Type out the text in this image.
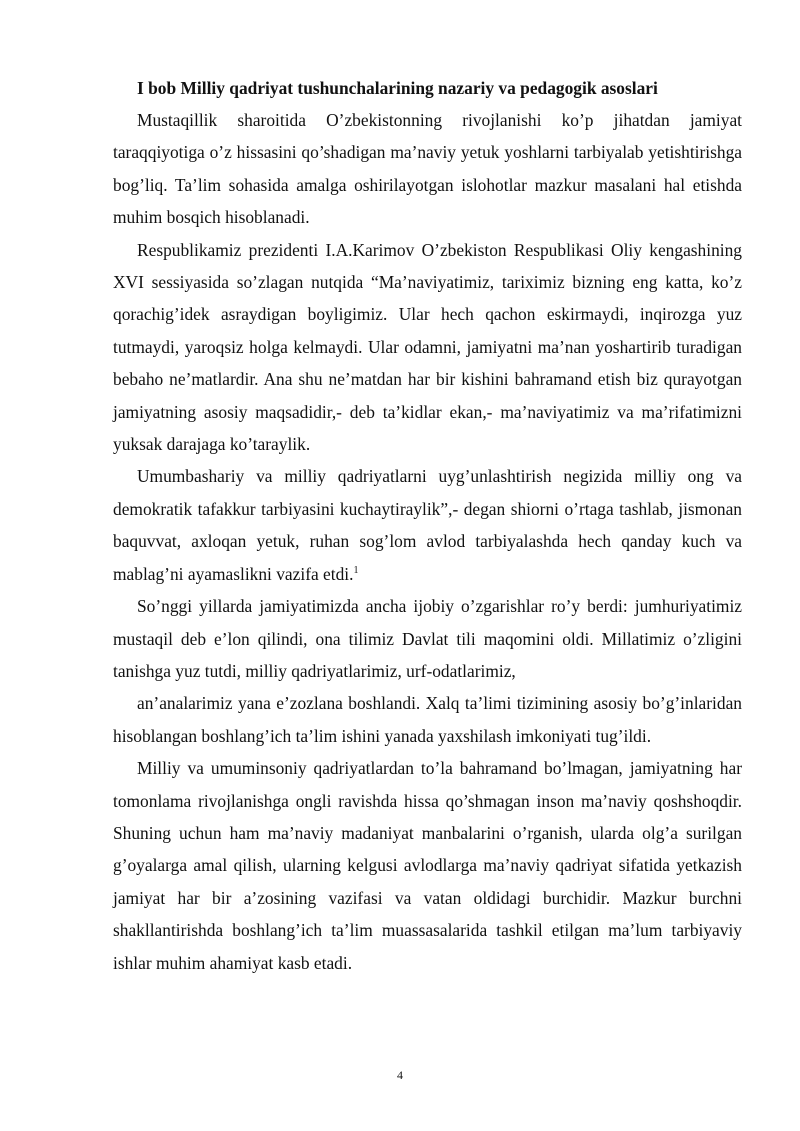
I bob Milliy qadriyat tushunchalarining nazariy va pedagogik asoslari

Mustaqillik sharoitida O’zbekistonning rivojlanishi ko’p jihatdan jamiyat taraqqiyotiga o’z hissasini qo’shadigan ma’naviy yetuk yoshlarni tarbiyalab yetishtirishga bog’liq. Ta’lim sohasida amalga oshirilayotgan islohotlar mazkur masalani hal etishda muhim bosqich hisoblanadi.

Respublikamiz prezidenti I.A.Karimov O’zbekiston Respublikasi Oliy kengashining XVI sessiyasida so’zlagan nutqida “Ma’naviyatimiz, tariximiz bizning eng katta, ko’z qorachig’idek asraydigan boyligimiz. Ular hech qachon eskirmaydi, inqirozga yuz tutmaydi, yaroqsiz holga kelmaydi. Ular odamni, jamiyatni ma’nan yoshartirib turadigan bebaho ne’matlardir. Ana shu ne’matdan har bir kishini bahramand etish biz qurayotgan jamiyatning asosiy maqsadidir,- deb ta’kidlar ekan,- ma’naviyatimiz va ma’rifatimizni yuksak darajaga ko’taraylik.

Umumbashariy va milliy qadriyatlarni uyg’unlashtirish negizida milliy ong va demokratik tafakkur tarbiyasini kuchaytiraylik”,- degan shiorni o’rtaga tashlab, jismonan baquvvat, axloqan yetuk, ruhan sog’lom avlod tarbiyalashda hech qanday kuch va mablag’ni ayamaslikni vazifa etdi.$^1$

So’nggi yillarda jamiyatimizda ancha ijobiy o’zgarishlar ro’y berdi: jumhuriyatimiz mustaqil deb e’lon qilindi, ona tilimiz Davlat tili maqomini oldi. Millatimiz o’zligini tanishga yuz tutdi, milliy qadriyatlarimiz, urf-odatlarimiz,

an’analarimiz yana e’zozlana boshlandi. Xalq ta’limi tizimining asosiy bo’g’inlaridan hisoblangan boshlang’ich ta’lim ishini yanada yaxshilash imkoniyati tug’ildi.

Milliy va umuminsoniy qadriyatlardan to’la bahramand bo’lmagan, jamiyatning har tomonlama rivojlanishga ongli ravishda hissa qo’shmagan inson ma’naviy qoshshoqdir. Shuning uchun ham ma’naviy madaniyat manbalarini o’rganish, ularda olg’a surilgan g’oyalarga amal qilish, ularning kelgusi avlodlarga ma’naviy qadriyat sifatida yetkazish jamiyat har bir a’zosining vazifasi va vatan oldidagi burchidir. Mazkur burchni shakllantirishda boshlang’ich ta’lim muassasalarida tashkil etilgan ma’lum tarbiyaviy ishlar muhim ahamiyat kasb etadi.

4
